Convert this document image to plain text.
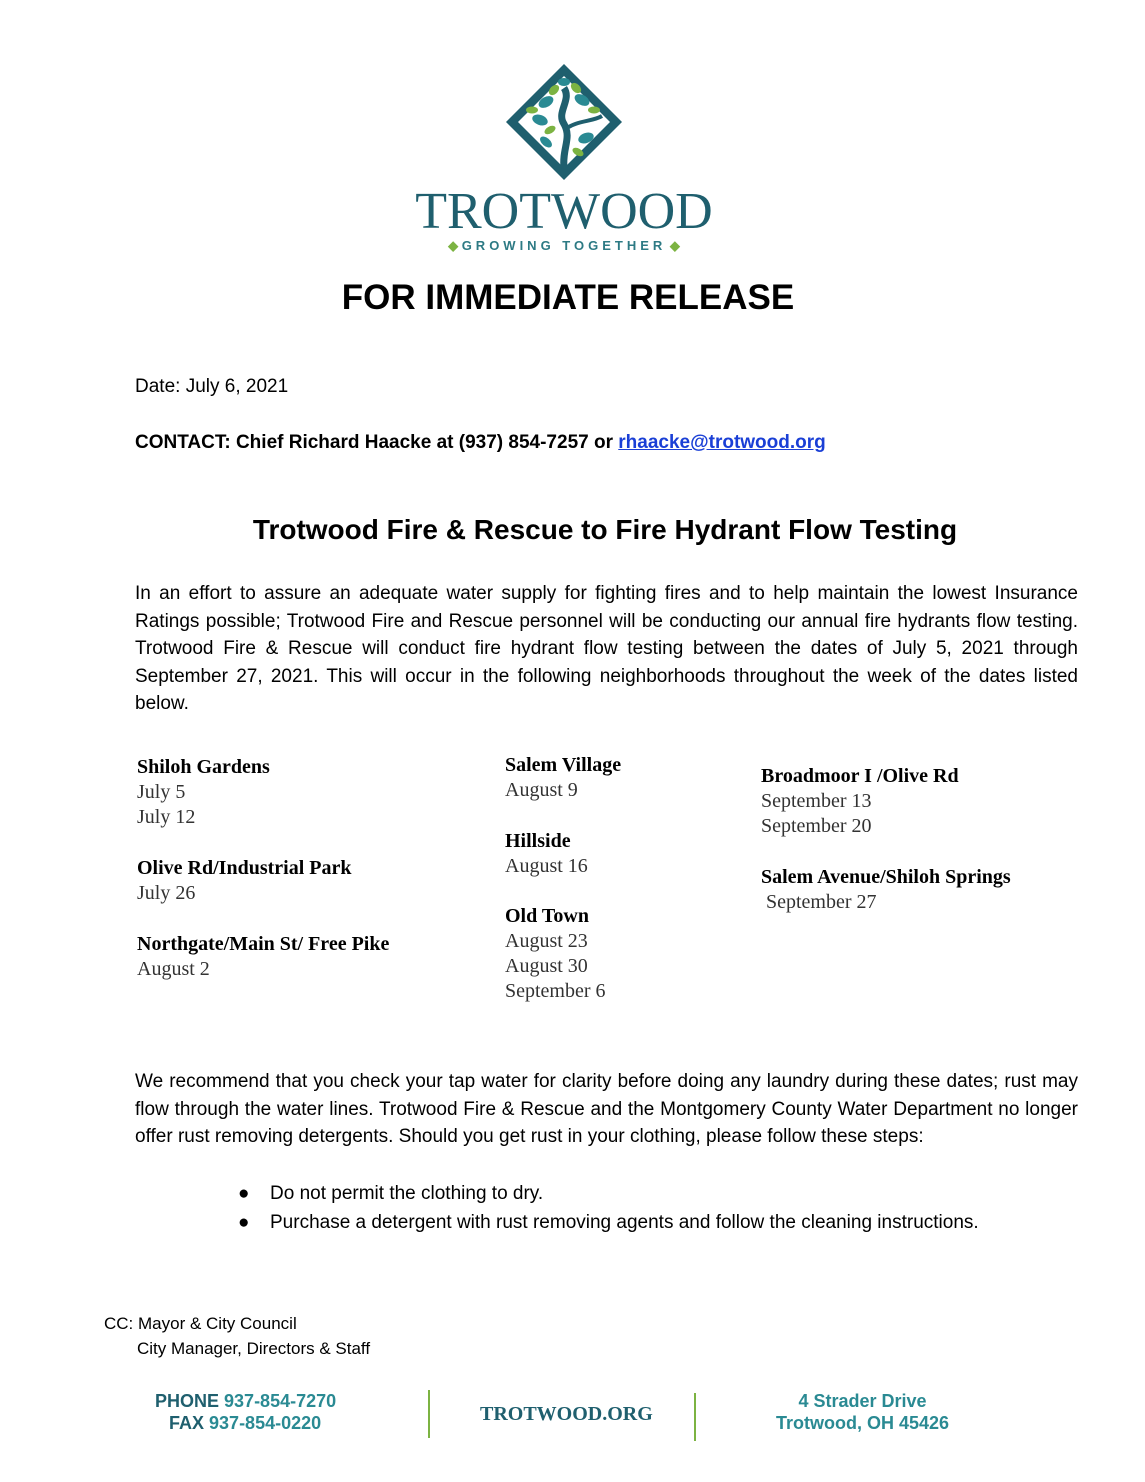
TROTWOOD
◆ GROWING TOGETHER ◆
FOR IMMEDIATE RELEASE
Date: July 6, 2021
CONTACT: Chief Richard Haacke at (937) 854-7257 or rhaacke@trotwood.org
Trotwood Fire & Rescue to Fire Hydrant Flow Testing
In an effort to assure an adequate water supply for fighting fires and to help maintain the lowest Insurance Ratings possible; Trotwood Fire and Rescue personnel will be conducting our annual fire hydrants flow testing. Trotwood Fire & Rescue will conduct fire hydrant flow testing between the dates of July 5, 2021 through September 27, 2021. This will occur in the following neighborhoods throughout the week of the dates listed below.
Shiloh Gardens
July 5
July 12
Olive Rd/Industrial Park
July 26
Northgate/Main St/ Free Pike
August 2
Salem Village
August 9
Hillside
August 16
Old Town
August 23
August 30
September 6
Broadmoor I /Olive Rd
September 13
September 20
Salem Avenue/Shiloh Springs
September 27
We recommend that you check your tap water for clarity before doing any laundry during these dates; rust may flow through the water lines. Trotwood Fire & Rescue and the Montgomery County Water Department no longer offer rust removing detergents. Should you get rust in your clothing, please follow these steps:
● Do not permit the clothing to dry.
● Purchase a detergent with rust removing agents and follow the cleaning instructions.
CC: Mayor & City Council
City Manager, Directors & Staff
PHONE 937-854-7270
FAX 937-854-0220	TROTWOOD.ORG
4 Strader Drive
Trotwood, OH 45426
